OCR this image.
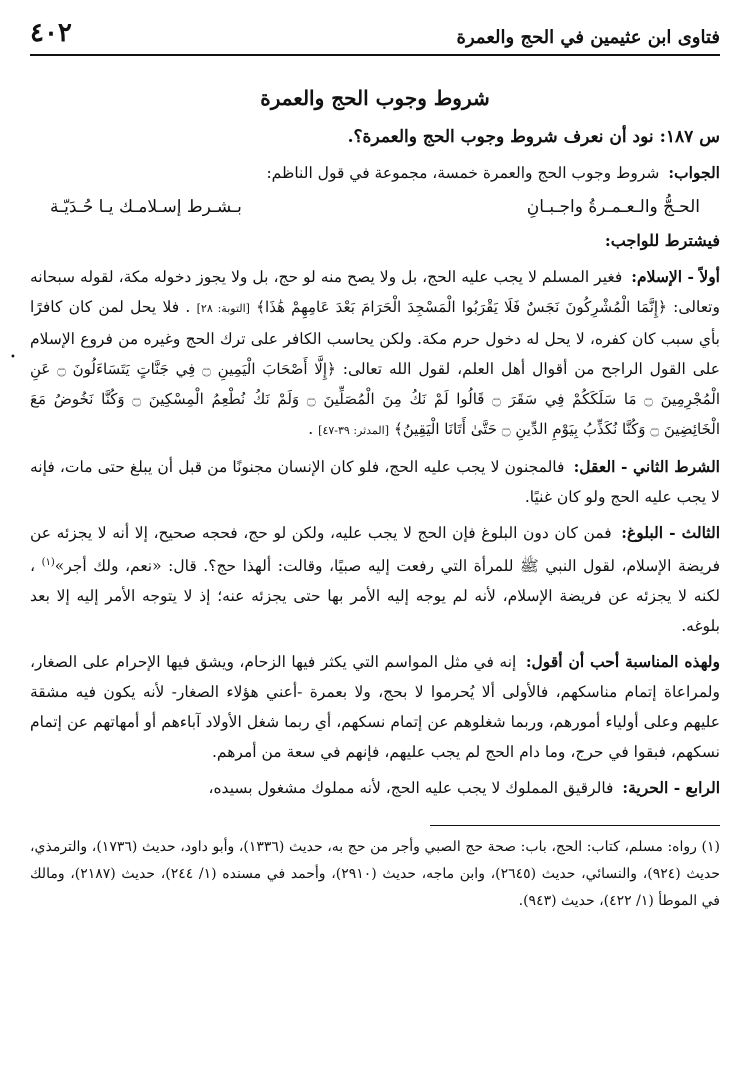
فتاوى ابن عثيمين في الحج والعمرة
٤٠٢
شروط وجوب الحج والعمرة
س ١٨٧:نود أن نعرف شروط وجوب الحج والعمرة؟.

الجواب: شروط وجوب الحج والعمرة خمسة، مجموعة في قول الناظم:

الحـجُّ والـعـمـرةُ واجـبـانِ
بـشـرط إسـلامـك يـا حُـدَيّـة
فيشترط للواجب:

أولاً - الإسلام: فغير المسلم لا يجب عليه الحج، بل ولا يصح منه لو حج، بل ولا يجوز دخوله مكة، لقوله سبحانه وتعالى: ﴿إِنَّمَا الْمُشْرِكُونَ نَجَسٌ فَلَا يَقْرَبُوا الْمَسْجِدَ الْحَرَامَ بَعْدَ عَامِهِمْ هَٰذَا﴾ [التوبة: ٢٨] . فلا يحل لمن كان كافرًا بأي سبب كان كفره، لا يحل له دخول حرم مكة. ولكن يحاسب الكافر على ترك الحج وغيره من فروع الإسلام على القول الراجح من أقوال أهل العلم، لقول الله تعالى: ﴿إِلَّا أَصْحَابَ الْيَمِينِ ۝ فِي جَنَّاتٍ يَتَسَاءَلُونَ ۝ عَنِ الْمُجْرِمِينَ ۝ مَا سَلَكَكُمْ فِي سَقَرَ ۝ قَالُوا لَمْ نَكُ مِنَ الْمُصَلِّينَ ۝ وَلَمْ نَكُ نُطْعِمُ الْمِسْكِينَ ۝ وَكُنَّا نَخُوضُ مَعَ الْخَائِضِينَ ۝ وَكُنَّا نُكَذِّبُ بِيَوْمِ الدِّينِ ۝ حَتَّىٰ أَتَانَا الْيَقِينُ﴾ [المدثر: ٣٩-٤٧] .

الشرط الثاني - العقل: فالمجنون لا يجب عليه الحج، فلو كان الإنسان مجنونًا من قبل أن يبلغ حتى مات، فإنه لا يجب عليه الحج ولو كان غنيًا.

الثالث - البلوغ: فمن كان دون البلوغ فإن الحج لا يجب عليه، ولكن لو حج، فحجه صحيح، إلا أنه لا يجزئه عن فريضة الإسلام، لقول النبي ﷺ للمرأة التي رفعت إليه صبيًا، وقالت: ألهذا حج؟. قال: «نعم، ولك أجر»$^{(١)}$ ، لكنه لا يجزئه عن فريضة الإسلام، لأنه لم يوجه إليه الأمر بها حتى يجزئه عنه؛ إذ لا يتوجه الأمر إليه إلا بعد بلوغه.

ولهذه المناسبة أحب أن أقول: إنه في مثل المواسم التي يكثر فيها الزحام، ويشق فيها الإحرام على الصغار، ولمراعاة إتمام مناسكهم، فالأولى ألا يُحرموا لا بحج، ولا بعمرة -أعني هؤلاء الصغار- لأنه يكون فيه مشقة عليهم وعلى أولياء أمورهم، وربما شغلوهم عن إتمام نسكهم، أي ربما شغل الأولاد آباءهم أو أمهاتهم عن إتمام نسكهم، فبقوا في حرج، وما دام الحج لم يجب عليهم، فإنهم في سعة من أمرهم.

الرابع - الحرية: فالرقيق المملوك لا يجب عليه الحج، لأنه مملوك مشغول بسيده،

(١) رواه: مسلم، كتاب: الحج، باب: صحة حج الصبي وأجر من حج به، حديث (١٣٣٦)، وأبو داود، حديث (١٧٣٦)، والترمذي، حديث (٩٢٤)، والنسائي، حديث (٢٦٤٥)، وابن ماجه، حديث (٢٩١٠)، وأحمد في مسنده (١/ ٢٤٤)، حديث (٢١٨٧)، ومالك في الموطأ (١/ ٤٢٢)، حديث (٩٤٣).
•
